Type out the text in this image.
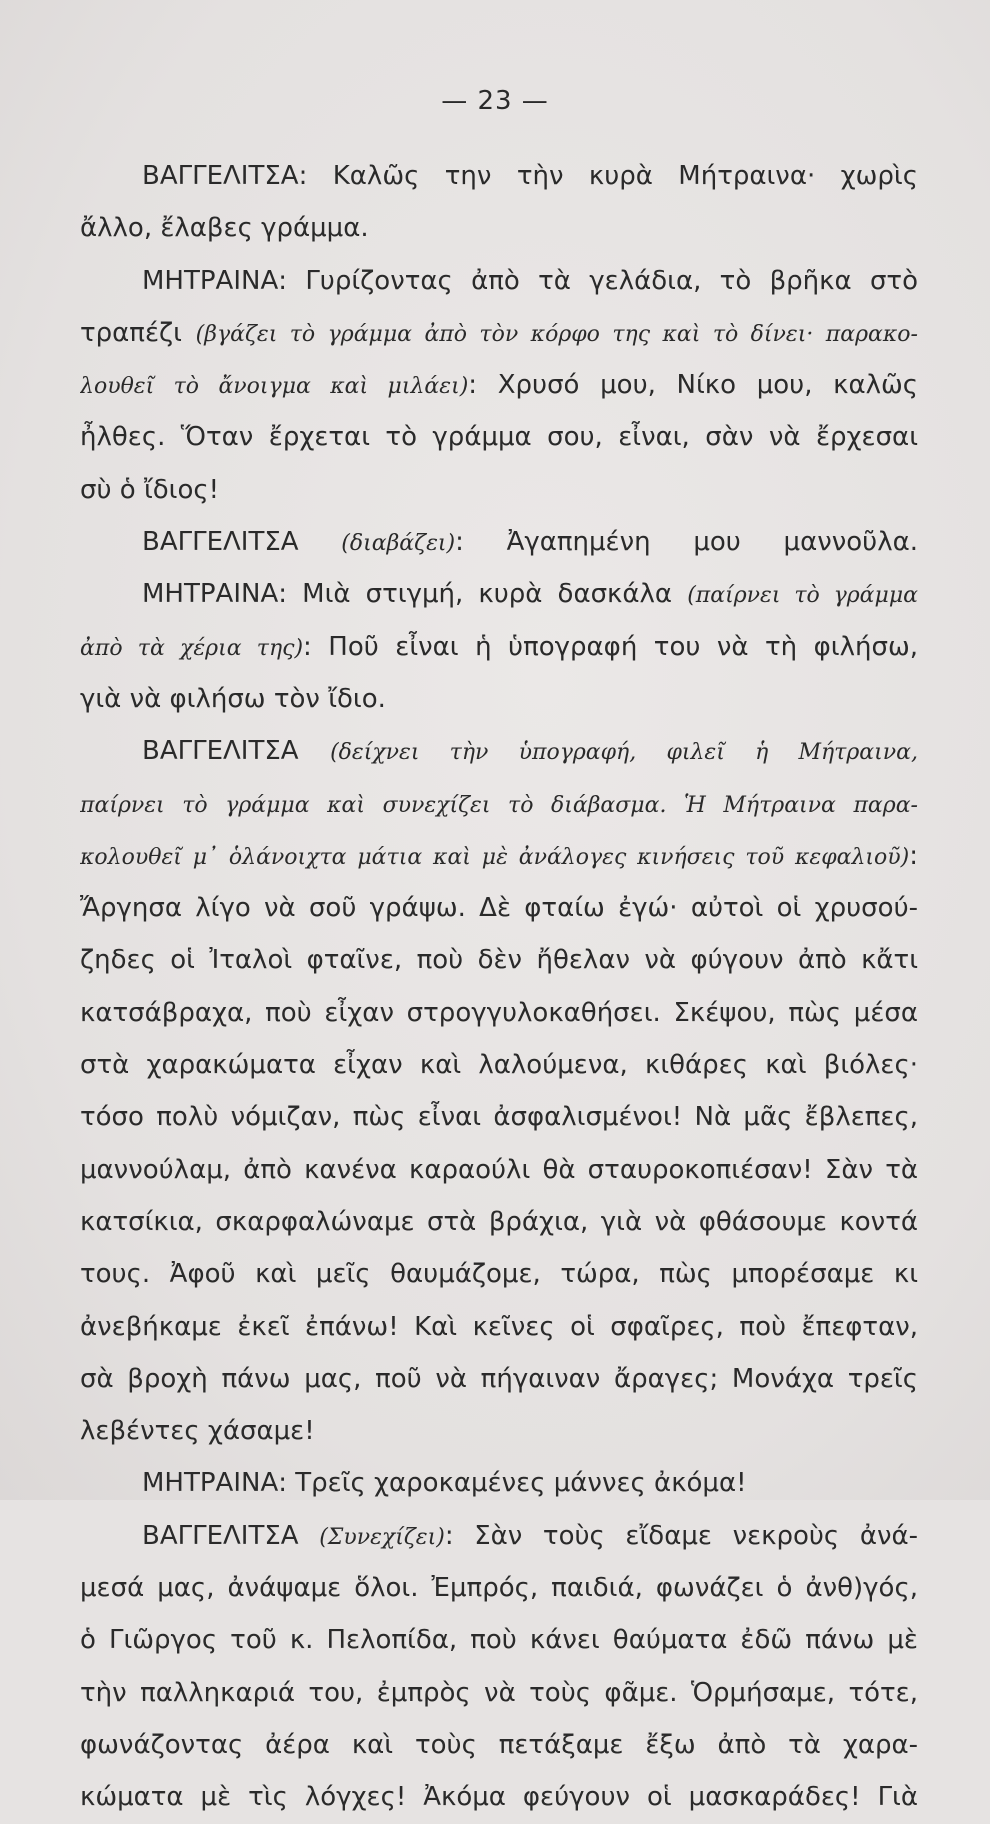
— 23 —
ΒΑΓΓΕΛΙΤΣΑ: Καλῶς την τὴν κυρὰ Μήτραινα· χωρὶς
ἄλλο, ἔλαβες γράμμα.
ΜΗΤΡΑΙΝΑ: Γυρίζοντας ἀπὸ τὰ γελάδια, τὸ βρῆκα στὸ
τραπέζι (βγάζει τὸ γράμμα ἀπὸ τὸν κόρφο της καὶ τὸ δίνει· παρακο-
λουθεῖ τὸ ἄνοιγμα καὶ μιλάει): Χρυσό μου, Νίκο μου, καλῶς
ἦλθες. Ὅταν ἔρχεται τὸ γράμμα σου, εἶναι, σὰν νὰ ἔρχεσαι
σὺ ὁ ἴδιος!
ΒΑΓΓΕΛΙΤΣΑ (διαβάζει): Ἀγαπημένη μου μαννοῦλα.
ΜΗΤΡΑΙΝΑ: Μιὰ στιγμή, κυρὰ δασκάλα (παίρνει τὸ γράμμα
ἀπὸ τὰ χέρια της): Ποῦ εἶναι ἡ ὑπογραφή του νὰ τὴ φιλήσω,
γιὰ νὰ φιλήσω τὸν ἴδιο.
ΒΑΓΓΕΛΙΤΣΑ (δείχνει τὴν ὑπογραφή, φιλεῖ ἡ Μήτραινα,
παίρνει τὸ γράμμα καὶ συνεχίζει τὸ διάβασμα. Ἡ Μήτραινα παρα-
κολουθεῖ μ᾽ ὁλάνοιχτα μάτια καὶ μὲ ἀνάλογες κινήσεις τοῦ κεφαλιοῦ):
Ἄργησα λίγο νὰ σοῦ γράψω. Δὲ φταίω ἐγώ· αὐτοὶ οἱ χρυσού-
ζηδες οἱ Ἰταλοὶ φταῖνε, ποὺ δὲν ἤθελαν νὰ φύγουν ἀπὸ κἄτι
κατσάβραχα, ποὺ εἶχαν στρογγυλοκαθήσει. Σκέψου, πὼς μέσα
στὰ χαρακώματα εἶχαν καὶ λαλούμενα, κιθάρες καὶ βιόλες·
τόσο πολὺ νόμιζαν, πὼς εἶναι ἀσφαλισμένοι! Νὰ μᾶς ἔβλεπες,
μαννούλαμ, ἀπὸ κανένα καραούλι θὰ σταυροκοπιέσαν! Σὰν τὰ
κατσίκια, σκαρφαλώναμε στὰ βράχια, γιὰ νὰ φθάσουμε κοντά
τους. Ἀφοῦ καὶ μεῖς θαυμάζομε, τώρα, πὼς μπορέσαμε κι
ἀνεβήκαμε ἐκεῖ ἐπάνω! Καὶ κεῖνες οἱ σφαῖρες, ποὺ ἔπεφταν,
σὰ βροχὴ πάνω μας, ποῦ νὰ πήγαιναν ἄραγες; Μονάχα τρεῖς
λεβέντες χάσαμε!
ΜΗΤΡΑΙΝΑ: Τρεῖς χαροκαμένες μάννες ἀκόμα!
ΒΑΓΓΕΛΙΤΣΑ (Συνεχίζει): Σὰν τοὺς εἴδαμε νεκροὺς ἀνά-
μεσά μας, ἀνάψαμε ὅλοι. Ἐμπρός, παιδιά, φωνάζει ὁ ἀνθ)γός,
ὁ Γιῶργος τοῦ κ. Πελοπίδα, ποὺ κάνει θαύματα ἐδῶ πάνω μὲ
τὴν παλληκαριά του, ἐμπρὸς νὰ τοὺς φᾶμε. Ὁρμήσαμε, τότε,
φωνάζοντας ἀέρα καὶ τοὺς πετάξαμε ἔξω ἀπὸ τὰ χαρα-
κώματα μὲ τὶς λόγχες! Ἀκόμα φεύγουν οἱ μασκαράδες! Γιὰ
